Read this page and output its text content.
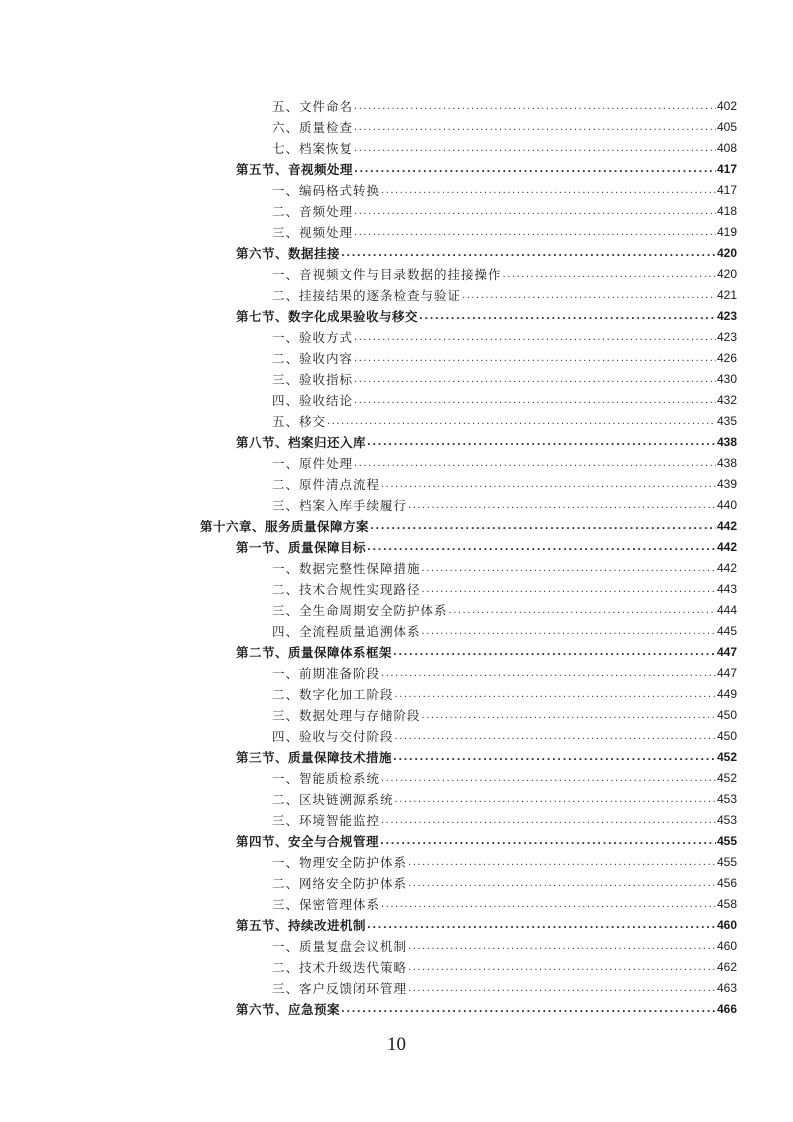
五、文件命名 .....	402
六、质量检查 .....	405
七、档案恢复 .....	408
第五节、音视频处理 .....	417
一、编码格式转换 .....	417
二、音频处理 .....	418
三、视频处理 .....	419
第六节、数据挂接 .....	420
一、音视频文件与目录数据的挂接操作 .....	420
二、挂接结果的逐条检查与验证 .....	421
第七节、数字化成果验收与移交 .....	423
一、验收方式 .....	423
二、验收内容 .....	426
三、验收指标 .....	430
四、验收结论 .....	432
五、移交 .....	435
第八节、档案归还入库 .....	438
一、原件处理 .....	438
二、原件清点流程 .....	439
三、档案入库手续履行 .....	440
第十六章、服务质量保障方案 .....	442
第一节、质量保障目标 .....	442
一、数据完整性保障措施 .....	442
二、技术合规性实现路径 .....	443
三、全生命周期安全防护体系 .....	444
四、全流程质量追溯体系 .....	445
第二节、质量保障体系框架 .....	447
一、前期准备阶段 .....	447
二、数字化加工阶段 .....	449
三、数据处理与存储阶段 .....	450
四、验收与交付阶段 .....	450
第三节、质量保障技术措施 .....	452
一、智能质检系统 .....	452
二、区块链溯源系统 .....	453
三、环境智能监控 .....	453
第四节、安全与合规管理 .....	455
一、物理安全防护体系 .....	455
二、网络安全防护体系 .....	456
三、保密管理体系 .....	458
第五节、持续改进机制 .....	460
一、质量复盘会议机制 .....	460
二、技术升级迭代策略 .....	462
三、客户反馈闭环管理 .....	463
第六节、应急预案 .....	466
10
